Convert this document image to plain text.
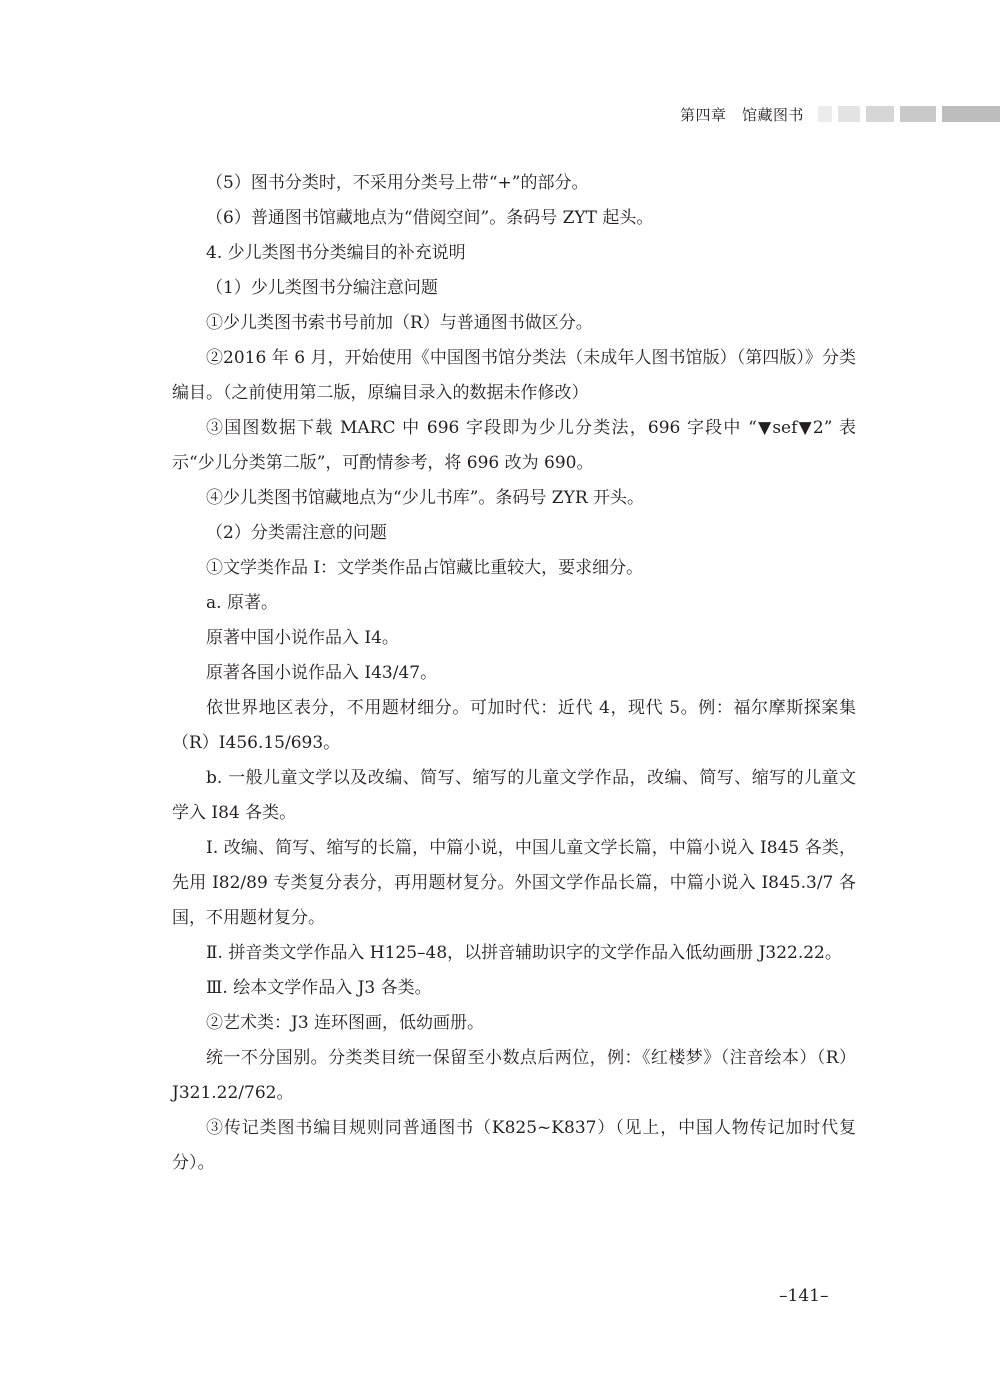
第四章　馆藏图书

（5）图书分类时，不采用分类号上带“+”的部分。

（6）普通图书馆藏地点为“借阅空间”。条码号 ZYT 起头。

4. 少儿类图书分类编目的补充说明

（1）少儿类图书分编注意问题

①少儿类图书索书号前加（R）与普通图书做区分。

②2016 年 6 月，开始使用《中国图书馆分类法（未成年人图书馆版）（第四版）》分类编目。（之前使用第二版，原编目录入的数据未作修改）

③国图数据下载 MARC 中 696 字段即为少儿分类法，696 字段中 “▼sef▼2” 表示“少儿分类第二版”，可酌情参考，将 696 改为 690。

④少儿类图书馆藏地点为“少儿书库”。条码号 ZYR 开头。

（2）分类需注意的问题

①文学类作品 I：文学类作品占馆藏比重较大，要求细分。

a. 原著。

原著中国小说作品入 I4。

原著各国小说作品入 I43/47。

依世界地区表分，不用题材细分。可加时代：近代 4，现代 5。例：福尔摩斯探案集（R）I456.15/693。

b. 一般儿童文学以及改编、简写、缩写的儿童文学作品，改编、简写、缩写的儿童文学入 I84 各类。

Ⅰ. 改编、简写、缩写的长篇，中篇小说，中国儿童文学长篇，中篇小说入 I845 各类，先用 I82/89 专类复分表分，再用题材复分。外国文学作品长篇，中篇小说入 I845.3/7 各国，不用题材复分。

Ⅱ. 拼音类文学作品入 H125–48，以拼音辅助识字的文学作品入低幼画册 J322.22。

Ⅲ. 绘本文学作品入 J3 各类。

②艺术类：J3 连环图画，低幼画册。

统一不分国别。分类类目统一保留至小数点后两位，例：《红楼梦》（注音绘本）（R）J321.22/762。

③传记类图书编目规则同普通图书（K825~K837）（见上，中国人物传记加时代复分）。

–141–
